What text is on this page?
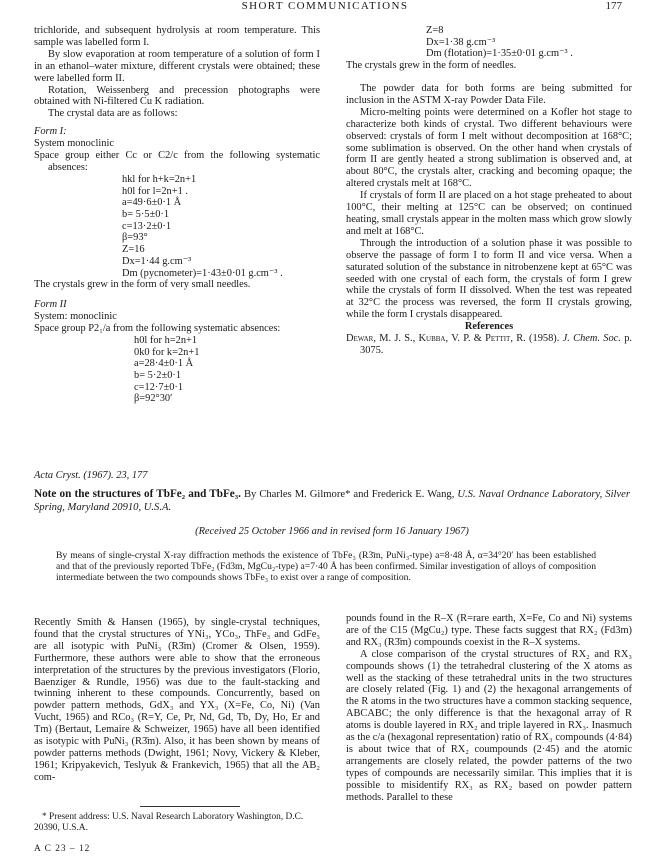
SHORT COMMUNICATIONS	177

trichloride, and subsequent hydrolysis at room temperature. This sample was labelled form I.

By slow evaporation at room temperature of a solution of form I in an ethanol–water mixture, different crystals were obtained; these were labelled form II.

Rotation, Weissenberg and precession photographs were obtained with Ni-filtered Cu K radiation.

The crystal data are as follows:

Form I:

System monoclinic

Space group either Cc or C2/c from the following systematic absences:

hkl for h+k=2n+1
h0l for l=2n+1 .
a=49·6±0·1 Å
b= 5·5±0·1
c=13·2±0·1
β=93°
Z=16
Dx=1·44 g.cm⁻³
Dm (pycnometer)=1·43±0·01 g.cm⁻³ .

The crystals grew in the form of very small needles.

Form II

System: monoclinic

Space group P2₁/a from the following systematic absences:

h0l for h=2n+1
0k0 for k=2n+1
a=28·4±0·1 Å
b= 5·2±0·1
c=12·7±0·1
β=92°30′
Z=8
Dx=1·38 g.cm⁻³
Dm (flotation)=1·35±0·01 g.cm⁻³ .

The crystals grew in the form of needles.

The powder data for both forms are being submitted for inclusion in the ASTM X-ray Powder Data File.

Micro-melting points were determined on a Kofler hot stage to characterize both kinds of crystal. Two different behaviours were observed: crystals of form I melt without decomposition at 168°C; some sublimation is observed. On the other hand when crystals of form II are gently heated a strong sublimation is observed and, at about 80°C, the crystals alter, cracking and becoming opaque; the altered crystals melt at 168°C.

If crystals of form II are placed on a hot stage preheated to about 100°C, their melting at 125°C can be observed; on continued heating, small crystals appear in the molten mass which grow slowly and melt at 168°C.

Through the introduction of a solution phase it was possible to observe the passage of form I to form II and vice versa. When a saturated solution of the substance in nitrobenzene kept at 65°C was seeded with one crystal of each form, the crystals of form I grew while the crystals of form II dissolved. When the test was repeated at 32°C the process was reversed, the form II crystals growing, while the form I crystals disappeared.

References

Dewar, M. J. S., Kubba, V. P. & Pettit, R. (1958). J. Chem. Soc. p. 3075.

Acta Cryst. (1967). 23, 177
Note on the structures of TbFe₂ and TbFe₃. By Charles M. Gilmore* and Frederick E. Wang, U.S. Naval Ordnance Laboratory, Silver Spring, Maryland 20910, U.S.A.
(Received 25 October 1966 and in revised form 16 January 1967)
By means of single-crystal X-ray diffraction methods the existence of TbFe₃ (R3̄m, PuNi₃-type) a=8·48 Å, α=34°20′ has been established and that of the previously reported TbFe₂ (Fd3m, MgCu₂-type) a=7·40 Å has been confirmed. Similar investigation of alloys of composition intermediate between the two compounds shows TbFe₃ to exist over a range of composition.

Recently Smith & Hansen (1965), by single-crystal techniques, found that the crystal structures of YNi₃, YCo₃, ThFe₃ and GdFe₃ are all isotypic with PuNi₃ (R3̄m) (Cromer & Olsen, 1959). Furthermore, these authors were able to show that the erroneous interpretation of the structures by the previous investigators (Florio, Baenziger & Rundle, 1956) was due to the fault-stacking and twinning inherent to these compounds. Concurrently, based on powder pattern methods, GdX₃ and YX₃ (X=Fe, Co, Ni) (Van Vucht, 1965) and RCo₃ (R=Y, Ce, Pr, Nd, Gd, Tb, Dy, Ho, Er and Tm) (Bertaut, Lemaire & Schweizer, 1965) have all been identified as isotypic with PuNi₃ (R3̄m). Also, it has been shown by means of powder patterns methods (Dwight, 1961; Novy, Vickery & Kleber, 1961; Kripyakevich, Teslyuk & Frankevich, 1965) that all the AB₂ com-

* Present address: U.S. Naval Research Laboratory Washington, D.C. 20390, U.S.A.
A C 23 – 12

pounds found in the R–X (R=rare earth, X=Fe, Co and Ni) systems are of the C15 (MgCu₂) type. These facts suggest that RX₂ (Fd3m) and RX₃ (R3̄m) compounds coexist in the R–X systems.

A close comparison of the crystal structures of RX₂ and RX₃ compounds shows (1) the tetrahedral clustering of the X atoms as well as the stacking of these tetrahedral units in the two structures are closely related (Fig. 1) and (2) the hexagonal arrangements of the R atoms in the two structures have a common stacking sequence, ABCABC; the only difference is that the hexagonal array of R atoms is double layered in RX₂ and triple layered in RX₃. Inasmuch as the c/a (hexagonal representation) ratio of RX₃ compounds (4·84) is about twice that of RX₂ coumpounds (2·45) and the atomic arrangements are closely related, the powder patterns of the two types of compounds are necessarily similar. This implies that it is possible to misidentify RX₃ as RX₂ based on powder pattern methods. Parallel to these
